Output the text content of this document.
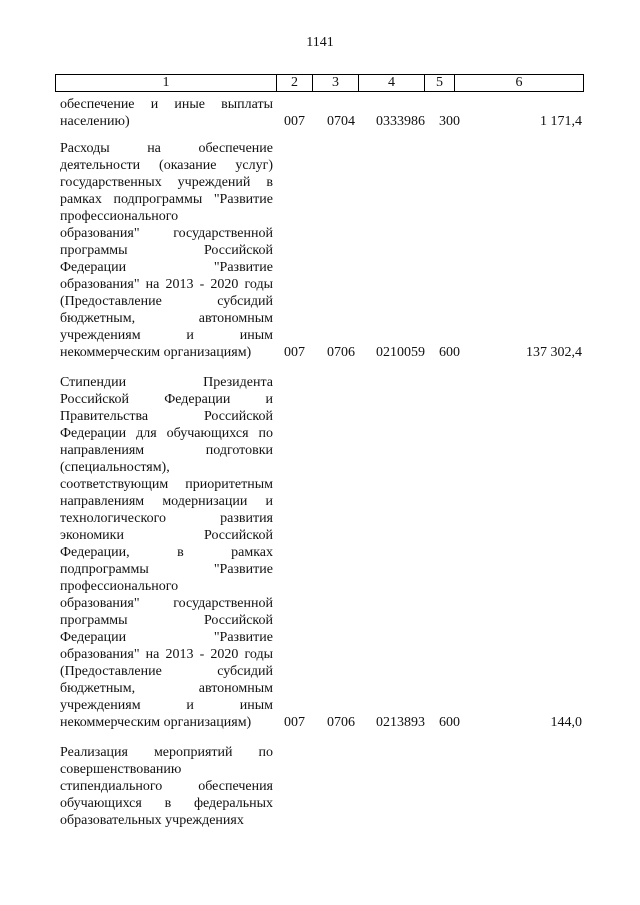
1141
1	2	3	4	5	6
обеспечение и иные выплаты
населению)	007 0704 0333986 300	1 171,4
Расходы на обеспечение
деятельности (оказание услуг)
государственных учреждений в
рамках подпрограммы "Развитие
профессионального
образования" государственной
программы Российской
Федерации "Развитие
образования" на 2013 - 2020 годы
(Предоставление субсидий
бюджетным, автономным
учреждениям и иным
некоммерческим организациям)	007 0706 0210059 600	137 302,4
Стипендии Президента
Российской Федерации и
Правительства Российской
Федерации для обучающихся по
направлениям подготовки
(специальностям),
соответствующим приоритетным
направлениям модернизации и
технологического развития
экономики Российской
Федерации, в рамках
подпрограммы "Развитие
профессионального
образования" государственной
программы Российской
Федерации "Развитие
образования" на 2013 - 2020 годы
(Предоставление субсидий
бюджетным, автономным
учреждениям и иным
некоммерческим организациям)	007 0706 0213893 600	144,0
Реализация мероприятий по
совершенствованию
стипендиального обеспечения
обучающихся в федеральных
образовательных учреждениях
